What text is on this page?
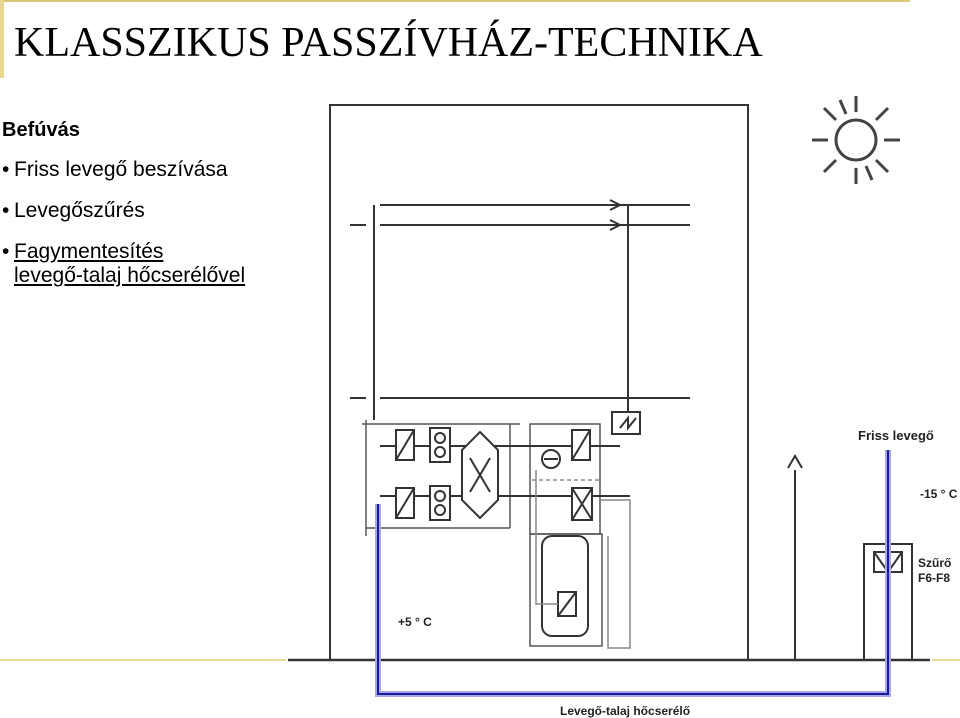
KLASSZIKUS PASSZÍVHÁZ-TECHNIKA
Befúvás
• Friss levegő beszívása
• Levegőszűrés
• Fagymentesítés
levegő-talaj hőcserélővel
Friss levegő
-15 ° C
Szűrő
F6-F8
+5 ° C
Levegő-talaj hőcserélő
